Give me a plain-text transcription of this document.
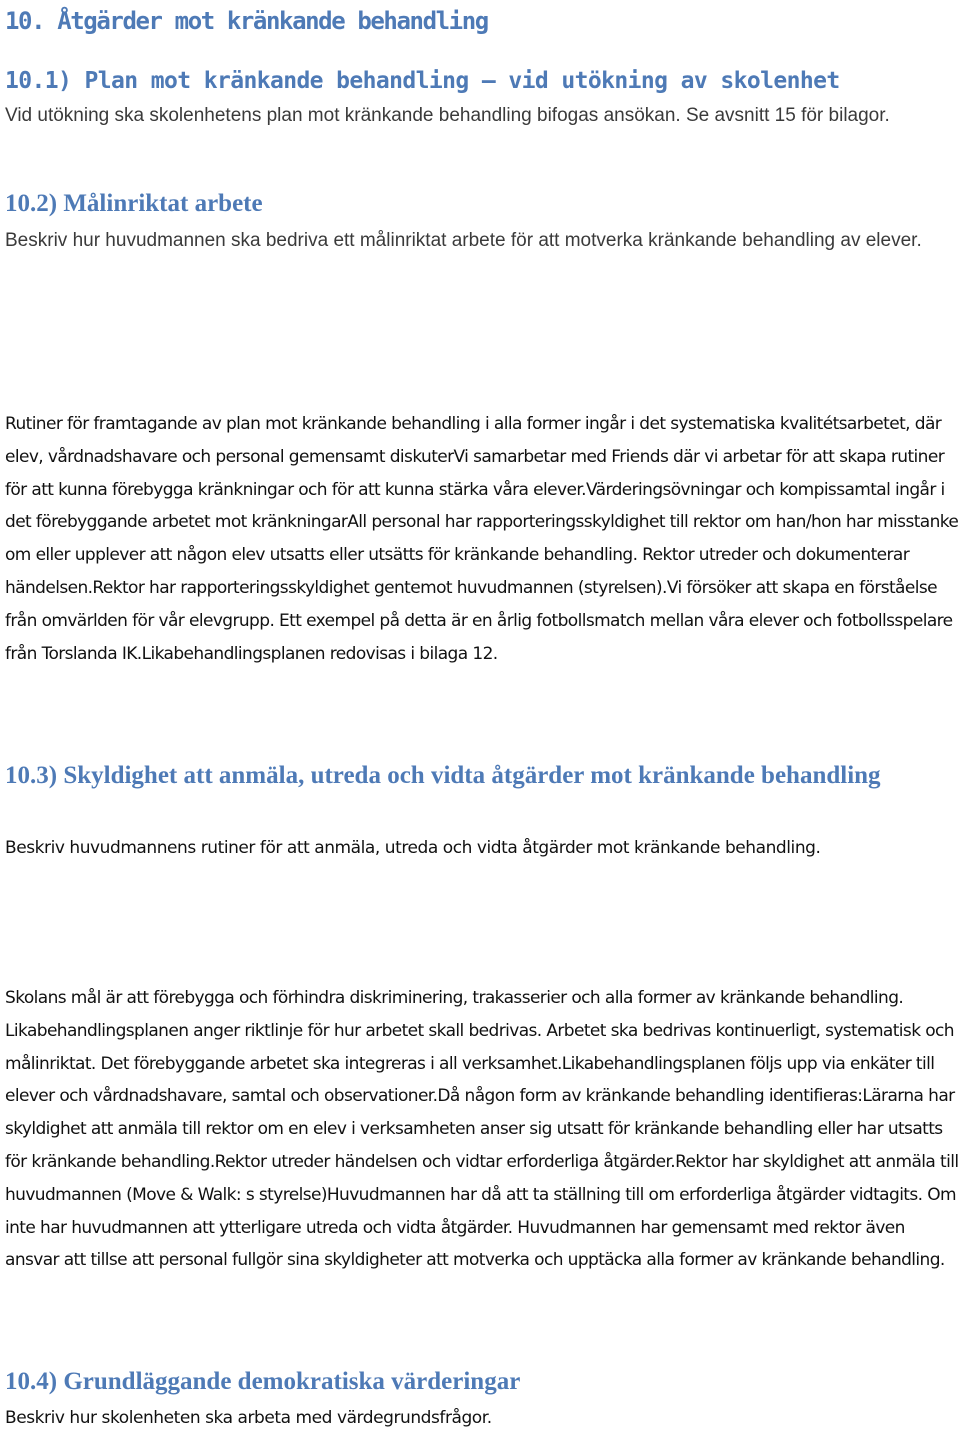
10. Åtgärder mot kränkande behandling
10.1) Plan mot kränkande behandling – vid utökning av skolenhet

Vid utökning ska skolenhetens plan mot kränkande behandling bifogas ansökan. Se avsnitt 15 för bilagor.

10.2) Målinriktat arbete

Beskriv hur huvudmannen ska bedriva ett målinriktat arbete för att motverka kränkande behandling av elever.

Rutiner för framtagande av plan mot kränkande behandling i alla former ingår i det systematiska kvalitétsarbetet, där elev, vårdnadshavare och personal gemensamt diskuterVi samarbetar med Friends där vi arbetar för att skapa rutiner för att kunna förebygga kränkningar och för att kunna stärka våra elever.Värderingsövningar och kompissamtal ingår i det förebyggande arbetet mot kränkningarAll personal har rapporteringsskyldighet till rektor om han/hon har misstanke om eller upplever att någon elev utsatts eller utsätts för kränkande behandling. Rektor utreder och dokumenterar händelsen.Rektor har rapporteringsskyldighet gentemot huvudmannen (styrelsen).Vi försöker att skapa en förståelse från omvärlden för vår elevgrupp. Ett exempel på detta är en årlig fotbollsmatch mellan våra elever och fotbollsspelare från Torslanda IK.Likabehandlingsplanen redovisas i bilaga 12.

10.3) Skyldighet att anmäla, utreda och vidta åtgärder mot kränkande behandling

Beskriv huvudmannens rutiner för att anmäla, utreda och vidta åtgärder mot kränkande behandling.

Skolans mål är att förebygga och förhindra diskriminering, trakasserier och alla former av kränkande behandling. Likabehandlingsplanen anger riktlinje för hur arbetet skall bedrivas. Arbetet ska bedrivas kontinuerligt, systematisk och målinriktat. Det förebyggande arbetet ska integreras i all verksamhet.Likabehandlingsplanen följs upp via enkäter till elever och vårdnadshavare, samtal och observationer.Då någon form av kränkande behandling identifieras:Lärarna har skyldighet att anmäla till rektor om en elev i verksamheten anser sig utsatt för kränkande behandling eller har utsatts för kränkande behandling.Rektor utreder händelsen och vidtar erforderliga åtgärder.Rektor har skyldighet att anmäla till huvudmannen (Move & Walk: s styrelse)Huvudmannen har då att ta ställning till om erforderliga åtgärder vidtagits. Om inte har huvudmannen att ytterligare utreda och vidta åtgärder. Huvudmannen har gemensamt med rektor även ansvar att tillse att personal fullgör sina skyldigheter att motverka och upptäcka alla former av kränkande behandling.

10.4) Grundläggande demokratiska värderingar

Beskriv hur skolenheten ska arbeta med värdegrundsfrågor.
